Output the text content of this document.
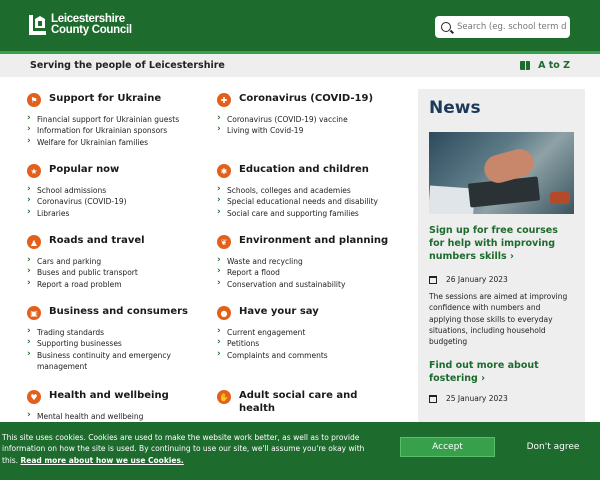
Leicestershire
County Council
Search (eg. school term dates)
Serving the people of Leicestershire	A to Z
⚑	Support for Ukraine
› Financial support for Ukrainian guests
› Information for Ukrainian sponsors
› Welfare for Ukrainian families
✚	Coronavirus (COVID-19)
› Coronavirus (COVID-19) vaccine
› Living with Covid-19
★	Popular now
› School admissions
› Coronavirus (COVID-19)
› Libraries
✱	Education and children
› Schools, colleges and academies
› Special educational needs and disability
› Social care and supporting families
▲	Roads and travel
› Cars and parking
› Buses and public transport
› Report a road problem
❦	Environment and planning
› Waste and recycling
› Report a flood
› Conservation and sustainability
▣	Business and consumers
› Trading standards
› Supporting businesses
› Business continuity and emergency management
●	Have your say
› Current engagement
› Petitions
› Complaints and comments
♥	Health and wellbeing
› Mental health and wellbeing
✋ Adult social care and health
News
Sign up for free courses for help with improving numbers skills ›
26 January 2023
The sessions are aimed at improving confidence with numbers and applying those skills to everyday situations, including household budgeting
Find out more about fostering ›
25 January 2023
This site uses cookies. Cookies are used to make the website work better, as well as to provide information on how the site is used. By continuing to use our site, we'll assume you're okay with this. Read more about how we use Cookies.
Accept	Don't agree
